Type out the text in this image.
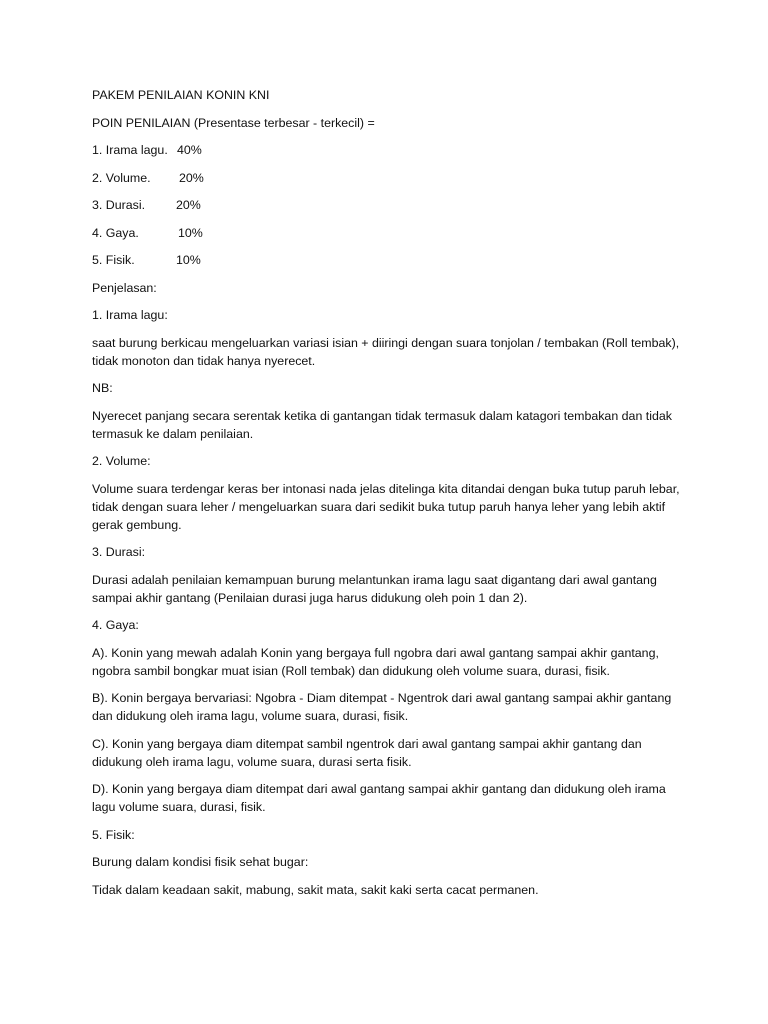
PAKEM PENILAIAN KONIN KNI

POIN PENILAIAN (Presentase terbesar - terkecil) =

1. Irama lagu. 40%
2. Volume.	20%
3. Durasi.	20%
4. Gaya.	10%
5. Fisik.	10%

Penjelasan:

1. Irama lagu:

saat burung berkicau mengeluarkan variasi isian + diiringi dengan suara tonjolan / tembakan (Roll tembak), tidak monoton dan tidak hanya nyerecet.

NB:

Nyerecet panjang secara serentak ketika di gantangan tidak termasuk dalam katagori tembakan dan tidak termasuk ke dalam penilaian.

2. Volume:

Volume suara terdengar keras ber intonasi nada jelas ditelinga kita ditandai dengan buka tutup paruh lebar, tidak dengan suara leher / mengeluarkan suara dari sedikit buka tutup paruh hanya leher yang lebih aktif gerak gembung.

3. Durasi:

Durasi adalah penilaian kemampuan burung melantunkan irama lagu saat digantang dari awal gantang sampai akhir gantang (Penilaian durasi juga harus didukung oleh poin 1 dan 2).

4. Gaya:

A). Konin yang mewah adalah Konin yang bergaya full ngobra dari awal gantang sampai akhir gantang, ngobra sambil bongkar muat isian (Roll tembak) dan didukung oleh volume suara, durasi, fisik.

B). Konin bergaya bervariasi: Ngobra - Diam ditempat - Ngentrok dari awal gantang sampai akhir gantang dan didukung oleh irama lagu, volume suara, durasi, fisik.

C). Konin yang bergaya diam ditempat sambil ngentrok dari awal gantang sampai akhir gantang dan didukung oleh irama lagu, volume suara, durasi serta fisik.

D). Konin yang bergaya diam ditempat dari awal gantang sampai akhir gantang dan didukung oleh irama lagu volume suara, durasi, fisik.

5. Fisik:

Burung dalam kondisi fisik sehat bugar:

Tidak dalam keadaan sakit, mabung, sakit mata, sakit kaki serta cacat permanen.
